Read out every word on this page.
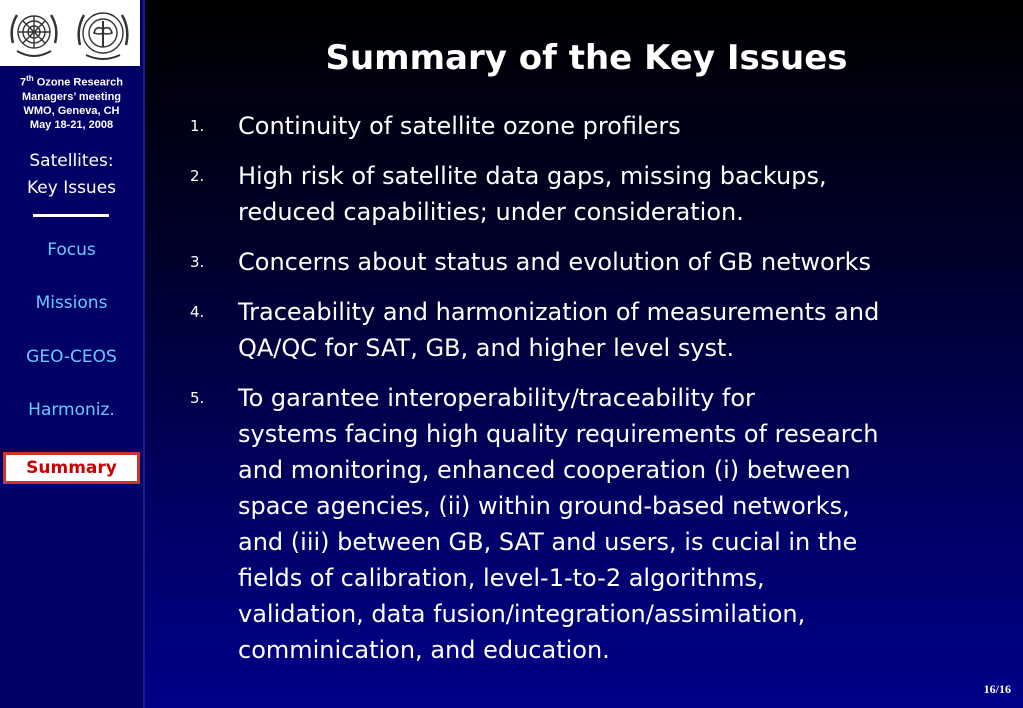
7th Ozone Research
Managers’ meeting
WMO, Geneva, CH
May 18-21, 2008
Satellites:
Key Issues
Focus
Missions
GEO-CEOS
Harmoniz.
Summary
Summary of the Key Issues
1. Continuity of satellite ozone profilers
2. High risk of satellite data gaps, missing backups,
reduced capabilities; under consideration.
3. Concerns about status and evolution of GB networks
4. Traceability and harmonization of measurements and
QA/QC for SAT, GB, and higher level syst.
5. To garantee interoperability/traceability for
systems facing high quality requirements of research
and monitoring, enhanced cooperation (i) between
space agencies, (ii) within ground-based networks,
and (iii) between GB, SAT and users, is cucial in the
fields of calibration, level-1-to-2 algorithms,
validation, data fusion/integration/assimilation,
comminication, and education.
16/16
